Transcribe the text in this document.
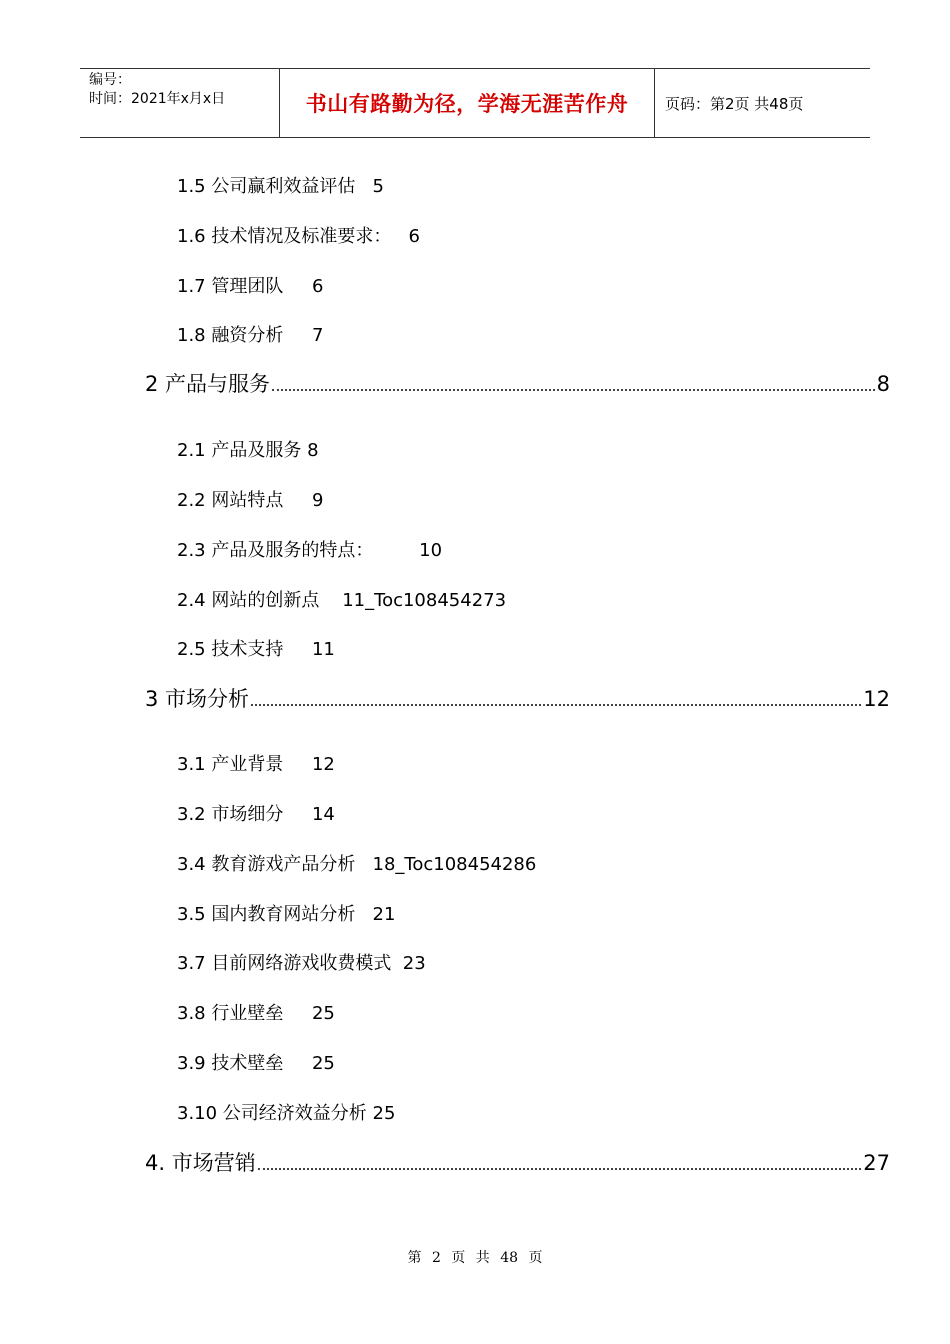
编号：
时间：2021年x月x日	书山有路勤为径，学海无涯苦作舟	页码：第2页 共48页
1.5 公司赢利效益评估   5
1.6 技术情况及标准要求：   6
1.7 管理团队     6
1.8 融资分析     7
2 产品与服务	8
2.1 产品及服务 8
2.2 网站特点     9
2.3 产品及服务的特点：        10
2.4 网站的创新点    11_Toc108454273
2.5 技术支持     11
3 市场分析	12
3.1 产业背景     12
3.2 市场细分     14
3.4 教育游戏产品分析   18_Toc108454286
3.5 国内教育网站分析   21
3.7 目前网络游戏收费模式  23
3.8 行业壁垒     25
3.9 技术壁垒     25
3.10 公司经济效益分析 25
4. 市场营销	27
第 2 页 共 48 页
